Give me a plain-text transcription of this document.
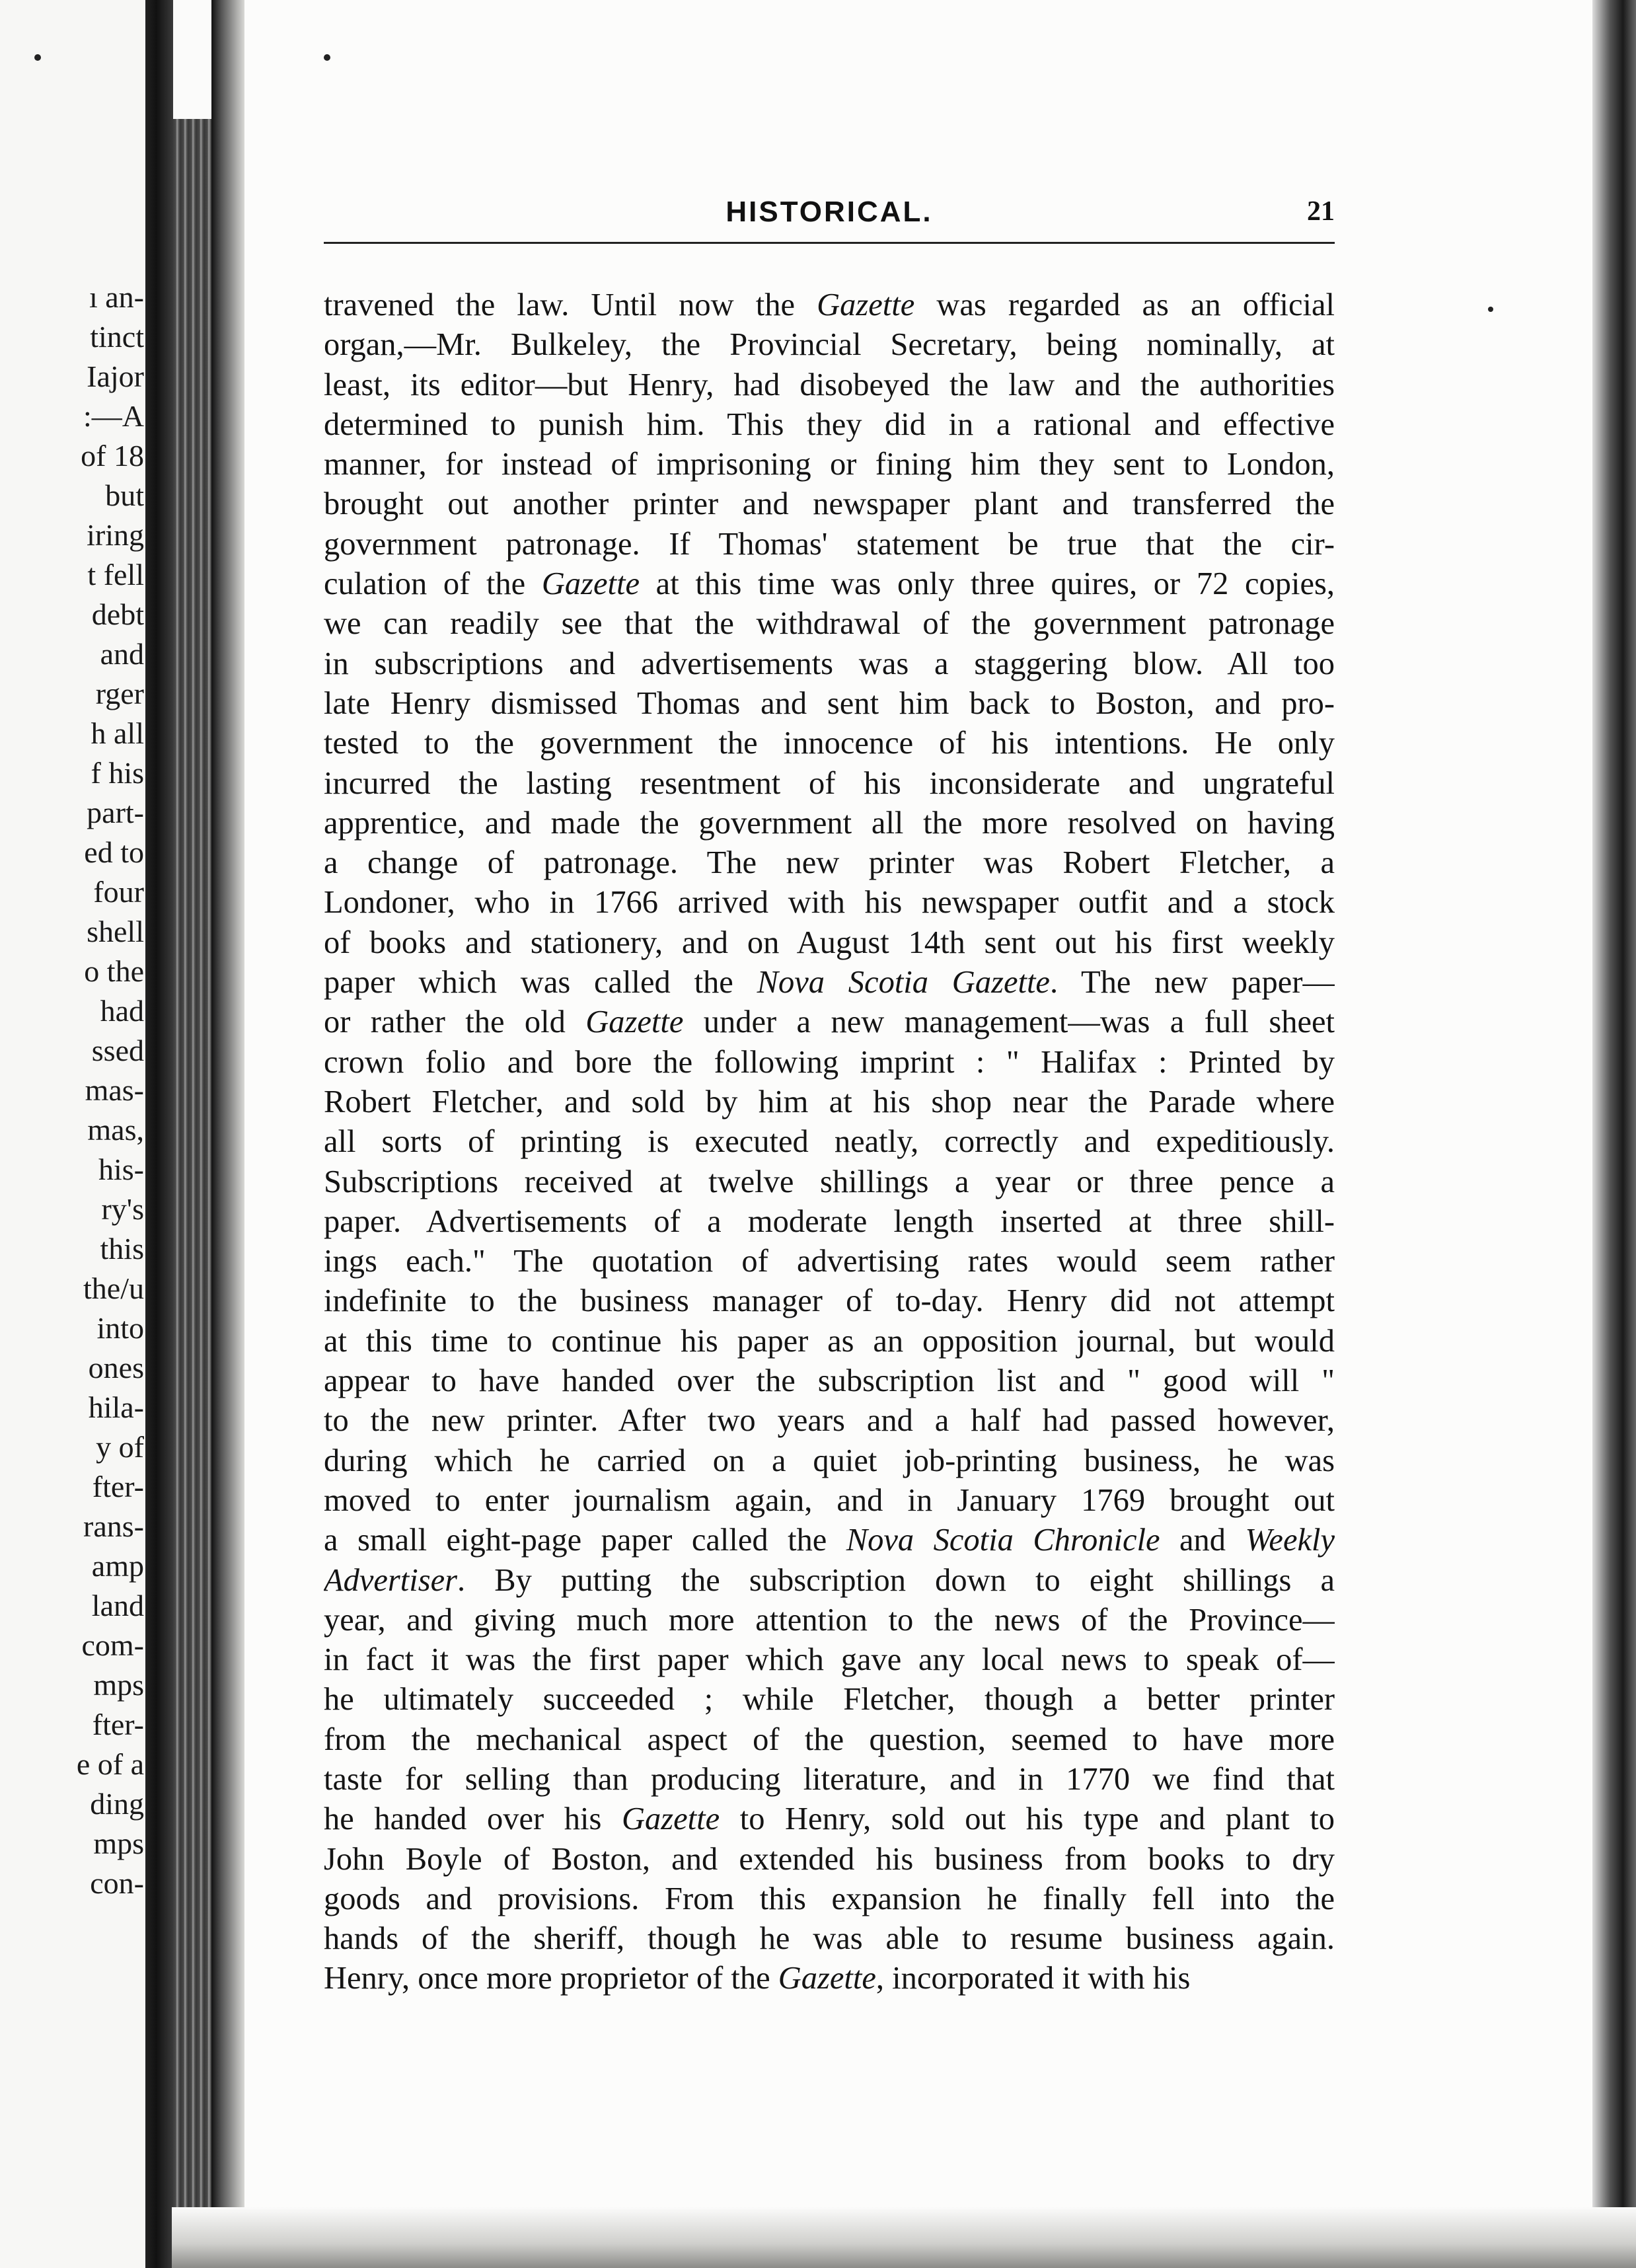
ı an-
tinct
Iajor
:—A
of 18
but
iring
t fell
debt
and
rger
h all
f his
part-
ed to
four
shell
o the
had
ssed
mas-
mas,
his-
ry's
this
the/u
into
ones
hila-
y of
fter-
rans-
amp
land
com-
mps
fter-
e of a
ding
mps
con-
HISTORICAL.	21
travened the law. Until now the Gazette was regarded as an official
organ,—Mr. Bulkeley, the Provincial Secretary, being nominally, at
least, its editor—but Henry, had disobeyed the law and the authorities
determined to punish him. This they did in a rational and effective
manner, for instead of imprisoning or fining him they sent to London,
brought out another printer and newspaper plant and transferred the
government patronage. If Thomas' statement be true that the cir-
culation of the Gazette at this time was only three quires, or 72 copies,
we can readily see that the withdrawal of the government patronage
in subscriptions and advertisements was a staggering blow. All too
late Henry dismissed Thomas and sent him back to Boston, and pro-
tested to the government the innocence of his intentions. He only
incurred the lasting resentment of his inconsiderate and ungrateful
apprentice, and made the government all the more resolved on having
a change of patronage. The new printer was Robert Fletcher, a
Londoner, who in 1766 arrived with his newspaper outfit and a stock
of books and stationery, and on August 14th sent out his first weekly
paper which was called the Nova Scotia Gazette. The new paper—
or rather the old Gazette under a new management—was a full sheet
crown folio and bore the following imprint : " Halifax : Printed by
Robert Fletcher, and sold by him at his shop near the Parade where
all sorts of printing is executed neatly, correctly and expeditiously.
Subscriptions received at twelve shillings a year or three pence a
paper. Advertisements of a moderate length inserted at three shill-
ings each." The quotation of advertising rates would seem rather
indefinite to the business manager of to-day. Henry did not attempt
at this time to continue his paper as an opposition journal, but would
appear to have handed over the subscription list and " good will "
to the new printer. After two years and a half had passed however,
during which he carried on a quiet job-printing business, he was
moved to enter journalism again, and in January 1769 brought out
a small eight-page paper called the Nova Scotia Chronicle and Weekly
Advertiser. By putting the subscription down to eight shillings a
year, and giving much more attention to the news of the Province—
in fact it was the first paper which gave any local news to speak of—
he ultimately succeeded ; while Fletcher, though a better printer
from the mechanical aspect of the question, seemed to have more
taste for selling than producing literature, and in 1770 we find that
he handed over his Gazette to Henry, sold out his type and plant to
John Boyle of Boston, and extended his business from books to dry
goods and provisions. From this expansion he finally fell into the
hands of the sheriff, though he was able to resume business again.
Henry, once more proprietor of the Gazette, incorporated it with his
